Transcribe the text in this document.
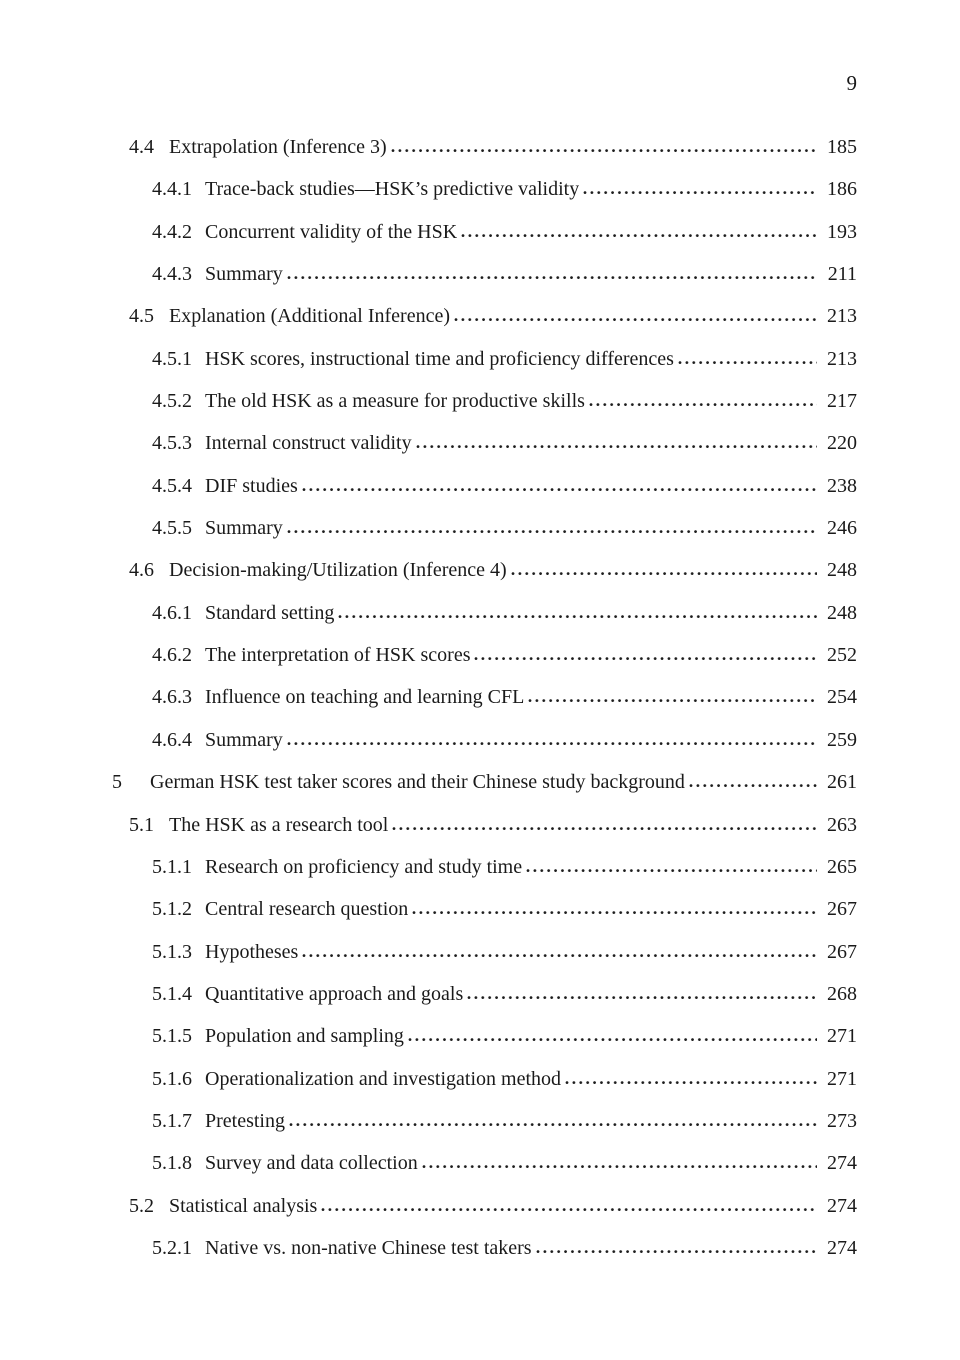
9
4.4 Extrapolation (Inference 3)	185
4.4.1 Trace-back studies—HSK’s predictive validity	186
4.4.2 Concurrent validity of the HSK	193
4.4.3 Summary	211
4.5 Explanation (Additional Inference)	213
4.5.1 HSK scores, instructional time and proficiency differences	213
4.5.2 The old HSK as a measure for productive skills	217
4.5.3 Internal construct validity	220
4.5.4 DIF studies	238
4.5.5 Summary	246
4.6 Decision-making/Utilization (Inference 4)	248
4.6.1 Standard setting	248
4.6.2 The interpretation of HSK scores	252
4.6.3 Influence on teaching and learning CFL	254
4.6.4 Summary	259
5	German HSK test taker scores and their Chinese study background	261
5.1 The HSK as a research tool	263
5.1.1 Research on proficiency and study time	265
5.1.2 Central research question	267
5.1.3 Hypotheses	267
5.1.4 Quantitative approach and goals	268
5.1.5 Population and sampling	271
5.1.6 Operationalization and investigation method	271
5.1.7 Pretesting	273
5.1.8 Survey and data collection	274
5.2 Statistical analysis	274
5.2.1 Native vs. non-native Chinese test takers	274
